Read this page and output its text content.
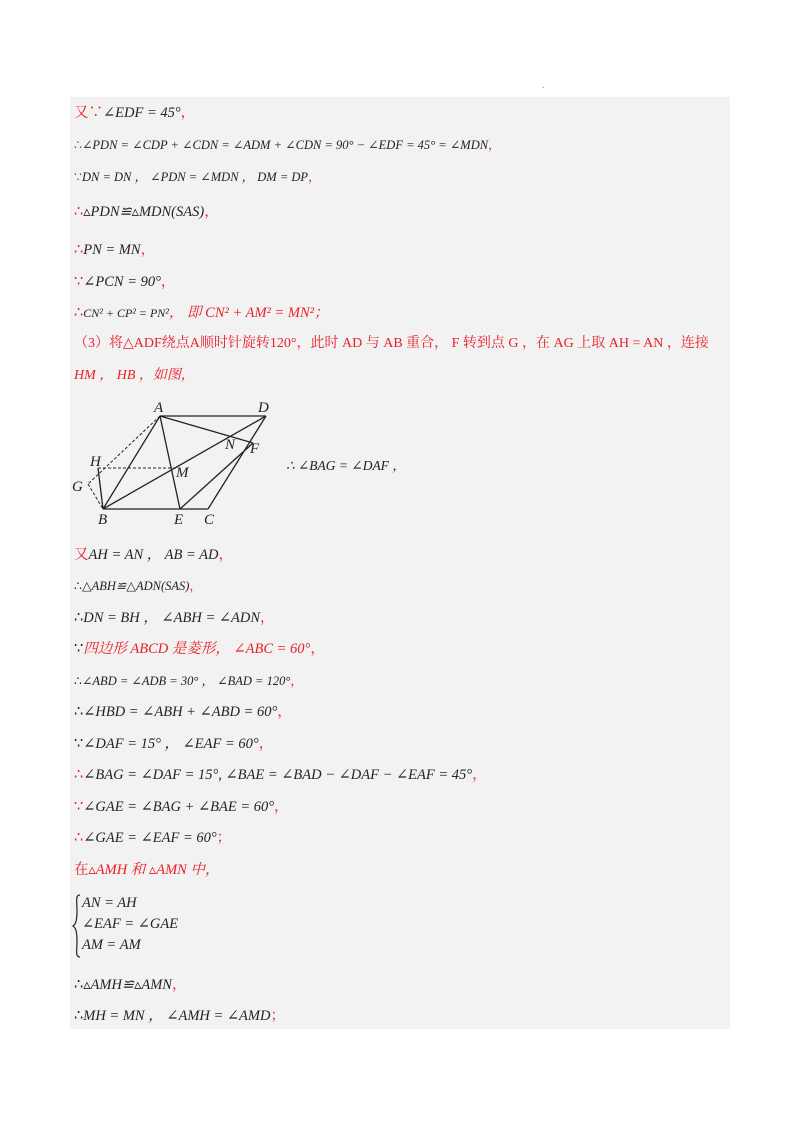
.
又∵∠EDF = 45°，
∴∠PDN = ∠CDP + ∠CDN = ∠ADM + ∠CDN = 90° − ∠EDF = 45° = ∠MDN，
∵DN = DN ， ∠PDN = ∠MDN ， DM = DP，
∴▵PDN≌▵MDN(SAS)，
∴PN = MN，
∵∠PCN = 90°，
∴CN² + CP² = PN²， 即 CN² + AM² = MN²；
（3）将△ADF绕点A顺时针旋转120°，此时 AD 与 AB 重合， F 转到点 G ，在 AG 上取 AH = AN ，连接
HM ， HB ，如图，
A	D
N F
H
M
G
B	E C
∴ ∠BAG = ∠DAF ，
又AH = AN ， AB = AD，
∴△ABH≌△ADN(SAS)，
∴DN = BH ， ∠ABH = ∠ADN，
∵四边形 ABCD 是菱形， ∠ABC = 60°，
∴∠ABD = ∠ADB = 30° ， ∠BAD = 120°，
∴∠HBD = ∠ABH + ∠ABD = 60°，
∵∠DAF = 15° ， ∠EAF = 60°，
∴∠BAG = ∠DAF = 15°, ∠BAE = ∠BAD − ∠DAF − ∠EAF = 45°，
∵∠GAE = ∠BAG + ∠BAE = 60°，
∴∠GAE = ∠EAF = 60°；
在▵AMH 和 ▵AMN 中，
AN = AH
∠EAF = ∠GAE
AM = AM
∴▵AMH≌▵AMN，
∴MH = MN ， ∠AMH = ∠AMD；
